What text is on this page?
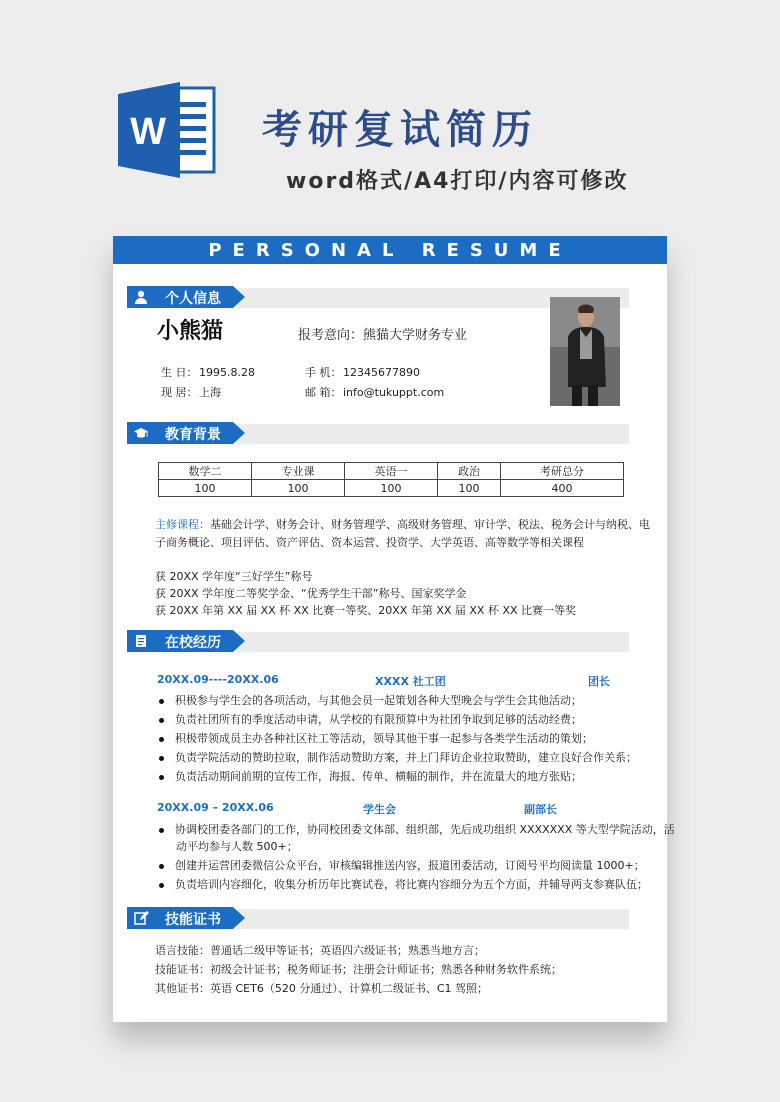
W 考研复试简历
word格式/A4打印/内容可修改
PERSONAL RESUME
个人信息
小熊猫	报考意向：熊猫大学财务专业
生 日： 1995.8.28
现 居： 上海
手 机： 12345677890
邮 箱： info@tukuppt.com
教育背景
数学二	专业课	英语一	政治	考研总分
100	100	100	100	400
主修课程：基础会计学、财务会计、财务管理学、高级财务管理、审计学、税法、税务会计与纳税、电
子商务概论、项目评估、资产评估、资本运营、投资学、大学英语、高等数学等相关课程
获 20XX 学年度“三好学生”称号
获 20XX 学年度二等奖学金、“优秀学生干部”称号、国家奖学金
获 20XX 年第 XX 届 XX 杯 XX 比赛一等奖、20XX 年第 XX 届 XX 杯 XX 比赛一等奖
在校经历
20XX.09----20XX.06	XXXX 社工团	团长
积极参与学生会的各项活动，与其他会员一起策划各种大型晚会与学生会其他活动；
负责社团所有的季度活动申请，从学校的有限预算中为社团争取到足够的活动经费；
积极带领成员主办各种社区社工等活动，领导其他干事一起参与各类学生活动的策划；
负责学院活动的赞助拉取，制作活动赞助方案，并上门拜访企业拉取赞助，建立良好合作关系；
负责活动期间前期的宣传工作，海报、传单、横幅的制作，并在流量大的地方张贴；
20XX.09 – 20XX.06	学生会	副部长
协调校团委各部门的工作，协同校团委文体部、组织部，先后成功组织 XXXXXXX 等大型学院活动，活
动平均参与人数 500+；
创建并运营团委微信公众平台，审核编辑推送内容，报道团委活动，订阅号平均阅读量 1000+；
负责培训内容细化，收集分析历年比赛试卷，将比赛内容细分为五个方面，并辅导两支参赛队伍；
技能证书
语言技能：普通话二级甲等证书；英语四六级证书；熟悉当地方言；
技能证书：初级会计证书；税务师证书；注册会计师证书；熟悉各种财务软件系统；
其他证书：英语 CET6（520 分通过）、计算机二级证书、C1 驾照；
